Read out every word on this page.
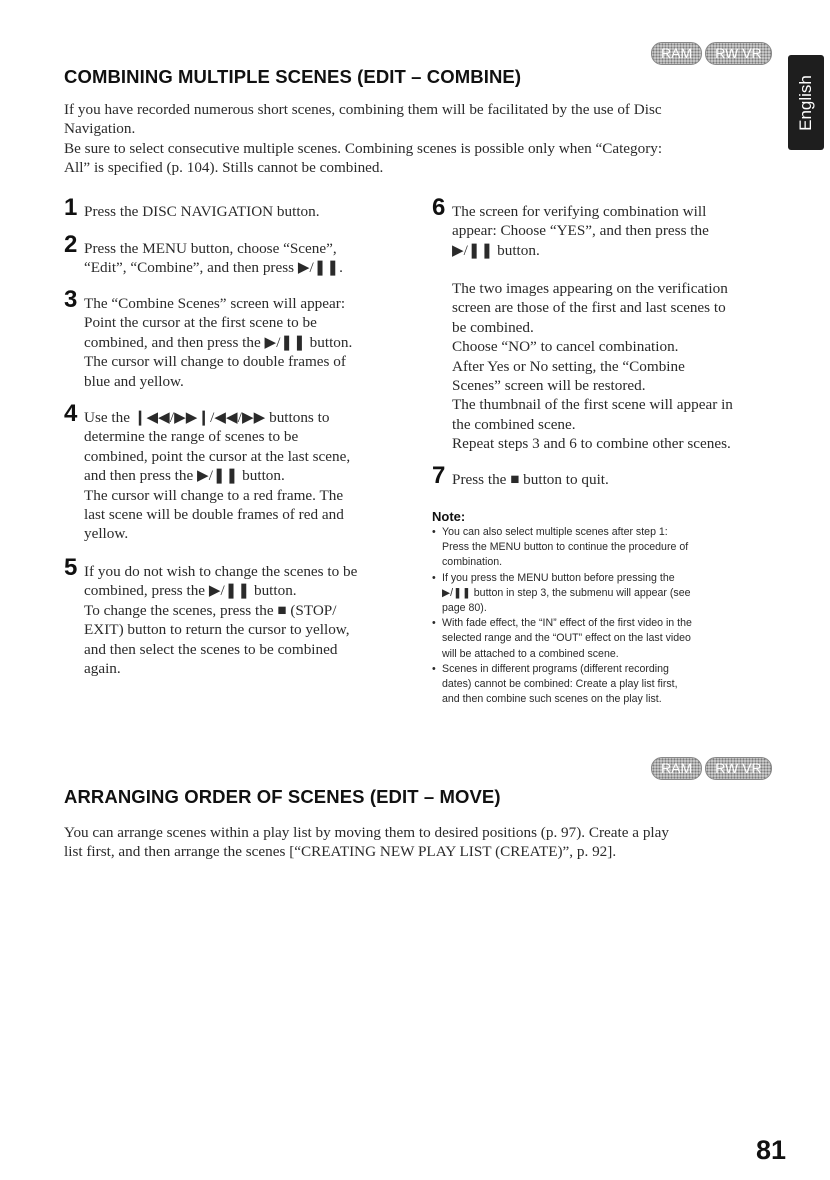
RAM	RW VR
English
COMBINING MULTIPLE SCENES (EDIT – COMBINE)
If you have recorded numerous short scenes, combining them will be facilitated by the use of Disc
Navigation.
Be sure to select consecutive multiple scenes. Combining scenes is possible only when “Category:
All” is specified (p. 104). Stills cannot be combined.
1 Press the DISC NAVIGATION button.

2 Press the MENU button, choose “Scene”,

“Edit”, “Combine”, and then press ▶/❚❚.

3 The “Combine Scenes” screen will appear:

Point the cursor at the first scene to be

combined, and then press the ▶/❚❚ button.

The cursor will change to double frames of

blue and yellow.

4 Use the ❙◀◀/▶▶❙/◀◀/▶▶ buttons to

determine the range of scenes to be

combined, point the cursor at the last scene,

and then press the ▶/❚❚ button.

The cursor will change to a red frame. The

last scene will be double frames of red and

yellow.

5 If you do not wish to change the scenes to be

combined, press the ▶/❚❚ button.

To change the scenes, press the ■ (STOP/

EXIT) button to return the cursor to yellow,

and then select the scenes to be combined

again.

6 The screen for verifying combination will

appear: Choose “YES”, and then press the

▶/❚❚ button.

The two images appearing on the verification
screen are those of the first and last scenes to
be combined.
Choose “NO” to cancel combination.
After Yes or No setting, the “Combine
Scenes” screen will be restored.
The thumbnail of the first scene will appear in
the combined scene.
Repeat steps 3 and 6 to combine other scenes.
7 Press the ■ button to quit.

Note:
• You can also select multiple scenes after step 1:
Press the MENU button to continue the procedure of
combination.
• If you press the MENU button before pressing the
▶/❚❚ button in step 3, the submenu will appear (see
page 80).
• With fade effect, the “IN” effect of the first video in the
selected range and the “OUT” effect on the last video
will be attached to a combined scene.
• Scenes in different programs (different recording
dates) cannot be combined: Create a play list first,
and then combine such scenes on the play list.
RAM	RW VR
ARRANGING ORDER OF SCENES (EDIT – MOVE)
You can arrange scenes within a play list by moving them to desired positions (p. 97). Create a play
list first, and then arrange the scenes [“CREATING NEW PLAY LIST (CREATE)”, p. 92].
81
